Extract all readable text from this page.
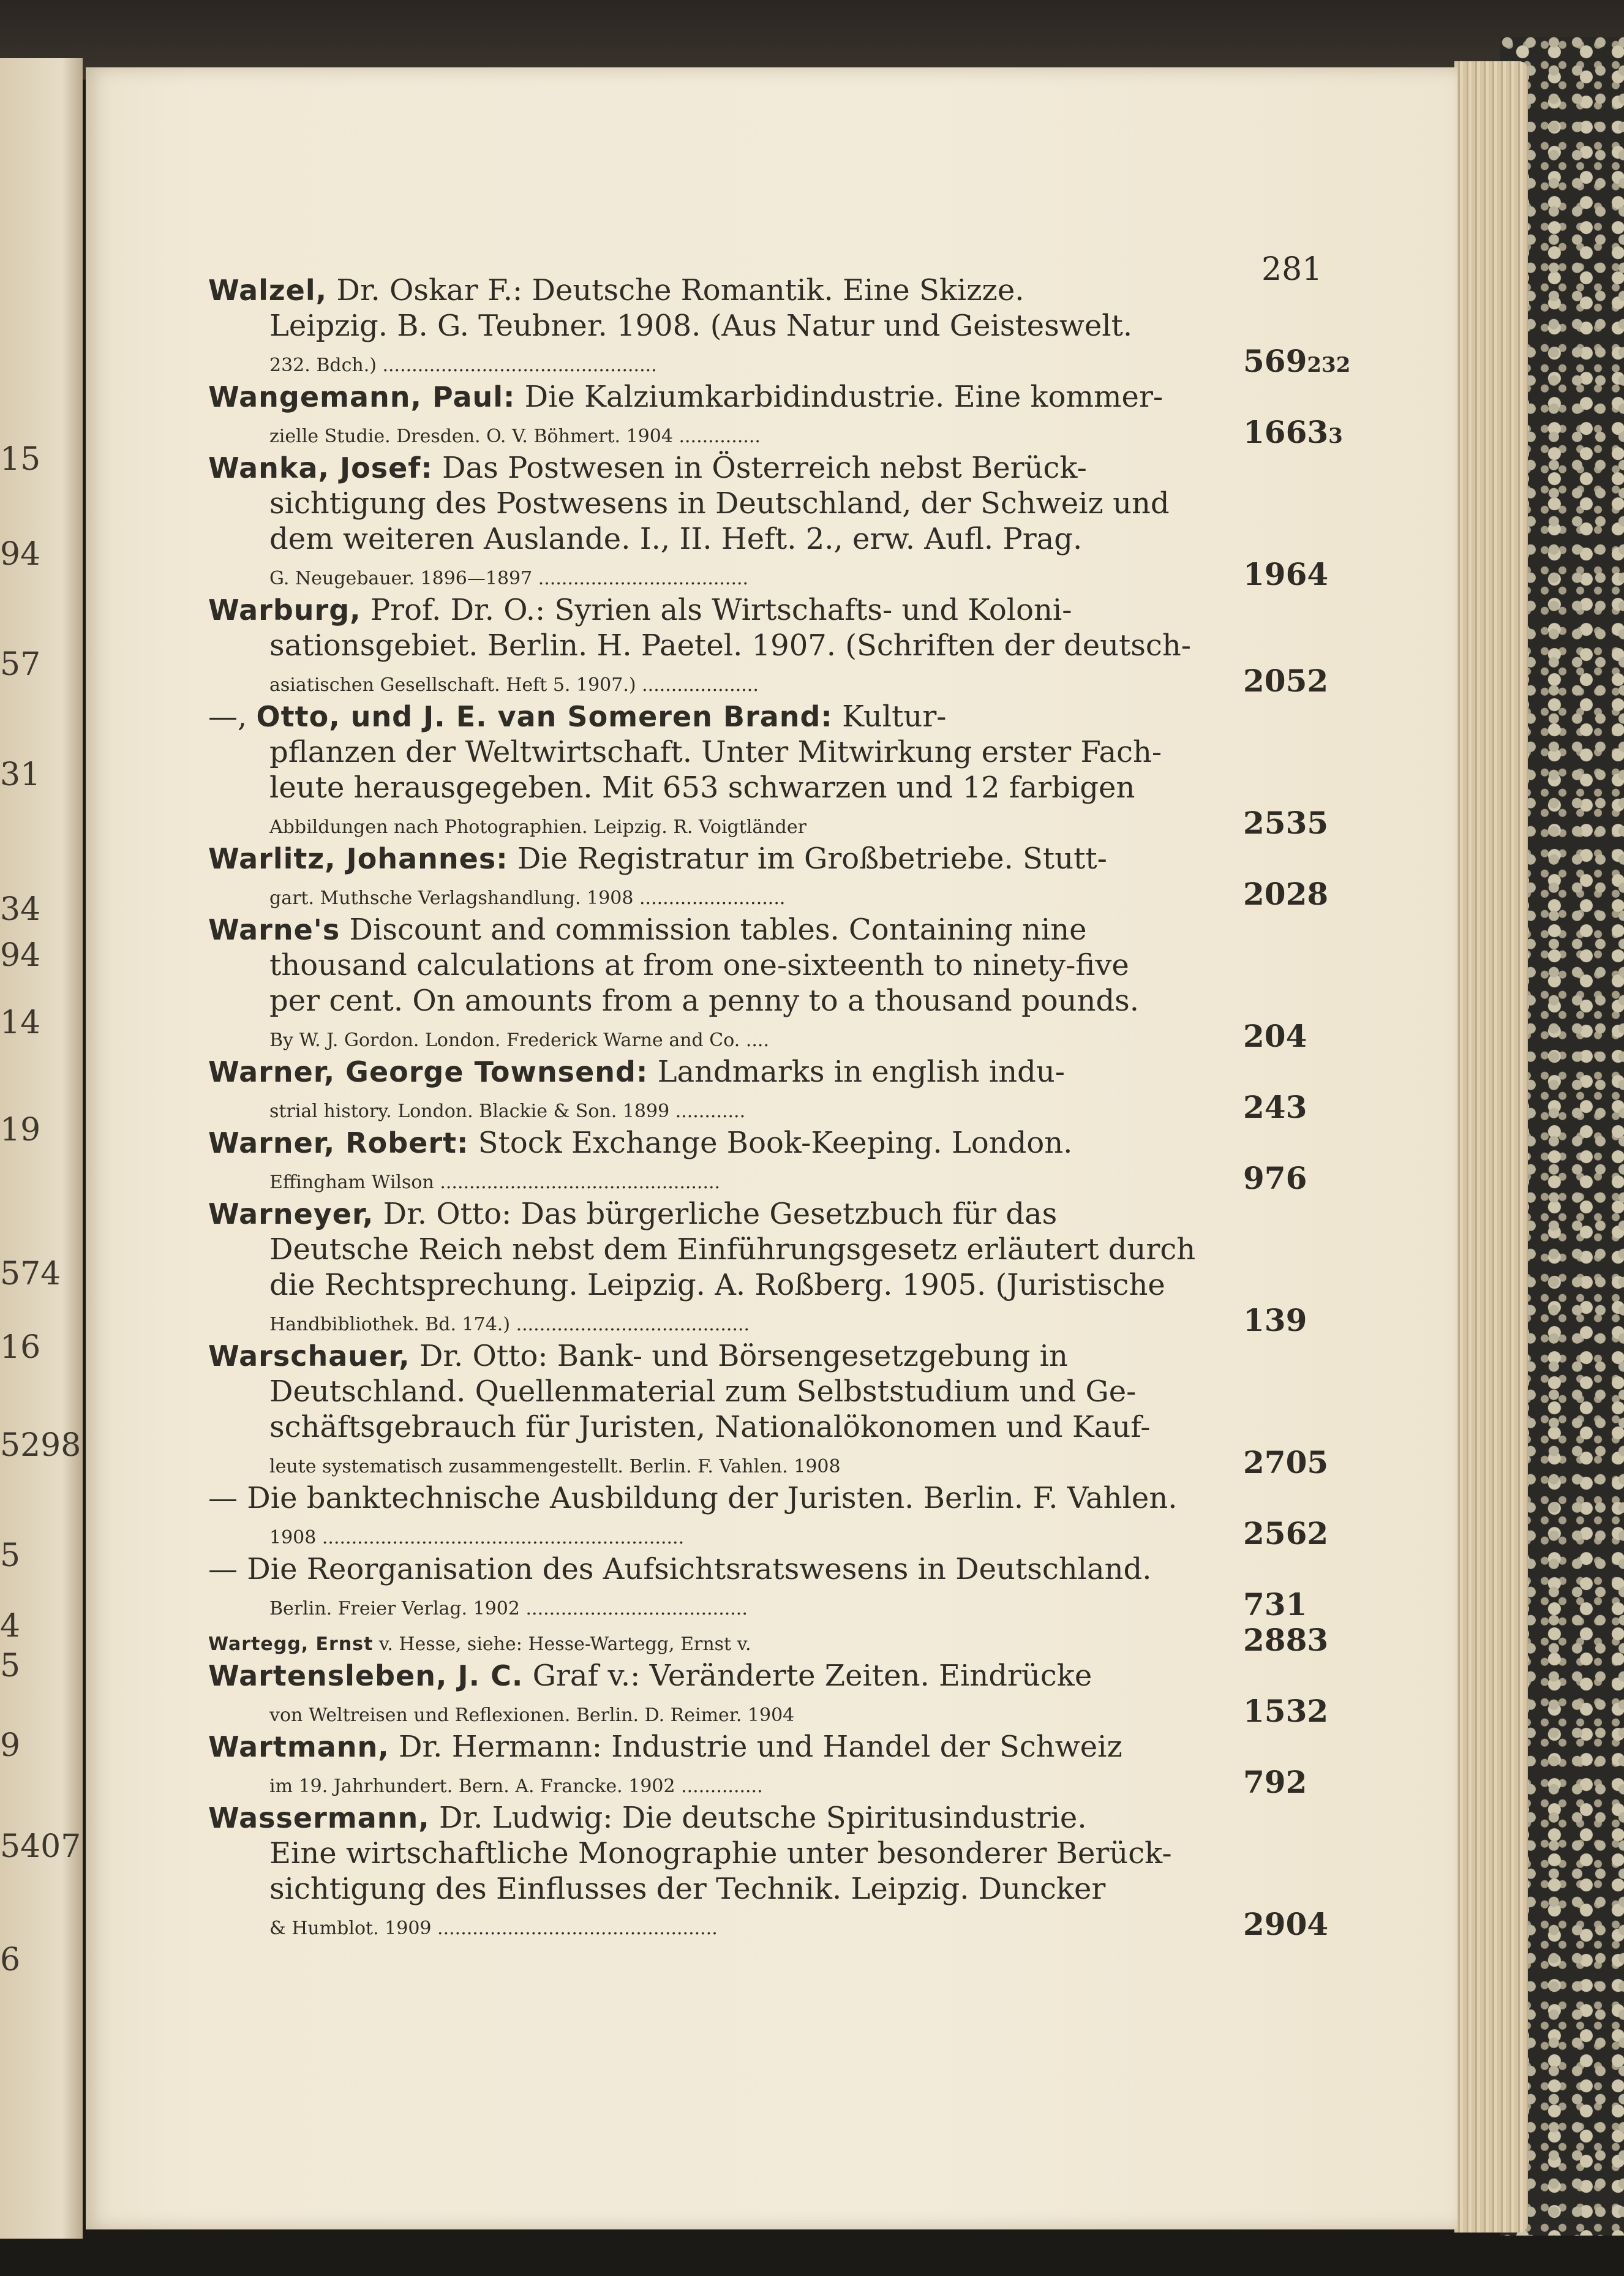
15
94
57
31
34
94
14
19
574
16
5298
5
4
5
9
5407
6
281
Walzel, Dr. Oskar F.: Deutsche Romantik. Eine Skizze.
Leipzig. B. G. Teubner. 1908. (Aus Natur und Geisteswelt.
232. Bdch.) ...............................................	569232
Wangemann, Paul: Die Kalziumkarbidindustrie. Eine kommer-
zielle Studie. Dresden. O. V. Böhmert. 1904 ..............	16633
Wanka, Josef: Das Postwesen in Österreich nebst Berück-
sichtigung des Postwesens in Deutschland, der Schweiz und
dem weiteren Auslande. I., II. Heft. 2., erw. Aufl. Prag.
G. Neugebauer. 1896—1897 ....................................	1964
Warburg, Prof. Dr. O.: Syrien als Wirtschafts- und Koloni-
sationsgebiet. Berlin. H. Paetel. 1907. (Schriften der deutsch-
asiatischen Gesellschaft. Heft 5. 1907.) ....................	2052
—, Otto, und J. E. van Someren Brand: Kultur-
pflanzen der Weltwirtschaft. Unter Mitwirkung erster Fach-
leute herausgegeben. Mit 653 schwarzen und 12 farbigen
Abbildungen nach Photographien. Leipzig. R. Voigtländer	2535
Warlitz, Johannes: Die Registratur im Großbetriebe. Stutt-
gart. Muthsche Verlagshandlung. 1908 .........................	2028
Warne's Discount and commission tables. Containing nine
thousand calculations at from one-sixteenth to ninety-five
per cent. On amounts from a penny to a thousand pounds.
By W. J. Gordon. London. Frederick Warne and Co. ....	204
Warner, George Townsend: Landmarks in english indu-
strial history. London. Blackie & Son. 1899 ............	243
Warner, Robert: Stock Exchange Book-Keeping. London.
Effingham Wilson ................................................	976
Warneyer, Dr. Otto: Das bürgerliche Gesetzbuch für das
Deutsche Reich nebst dem Einführungsgesetz erläutert durch
die Rechtsprechung. Leipzig. A. Roßberg. 1905. (Juristische
Handbibliothek. Bd. 174.) ........................................	139
Warschauer, Dr. Otto: Bank- und Börsengesetzgebung in
Deutschland. Quellenmaterial zum Selbststudium und Ge-
schäftsgebrauch für Juristen, Nationalökonomen und Kauf-
leute systematisch zusammengestellt. Berlin. F. Vahlen. 1908	2705
— Die banktechnische Ausbildung der Juristen. Berlin. F. Vahlen.
1908 ..............................................................	2562
— Die Reorganisation des Aufsichtsratswesens in Deutschland.
Berlin. Freier Verlag. 1902 ......................................	731
Wartegg, Ernst v. Hesse, siehe: Hesse-Wartegg, Ernst v.	2883
Wartensleben, J. C. Graf v.: Veränderte Zeiten. Eindrücke
von Weltreisen und Reflexionen. Berlin. D. Reimer. 1904	1532
Wartmann, Dr. Hermann: Industrie und Handel der Schweiz
im 19. Jahrhundert. Bern. A. Francke. 1902 ..............	792
Wassermann, Dr. Ludwig: Die deutsche Spiritusindustrie.
Eine wirtschaftliche Monographie unter besonderer Berück-
sichtigung des Einflusses der Technik. Leipzig. Duncker
& Humblot. 1909 ................................................	2904
